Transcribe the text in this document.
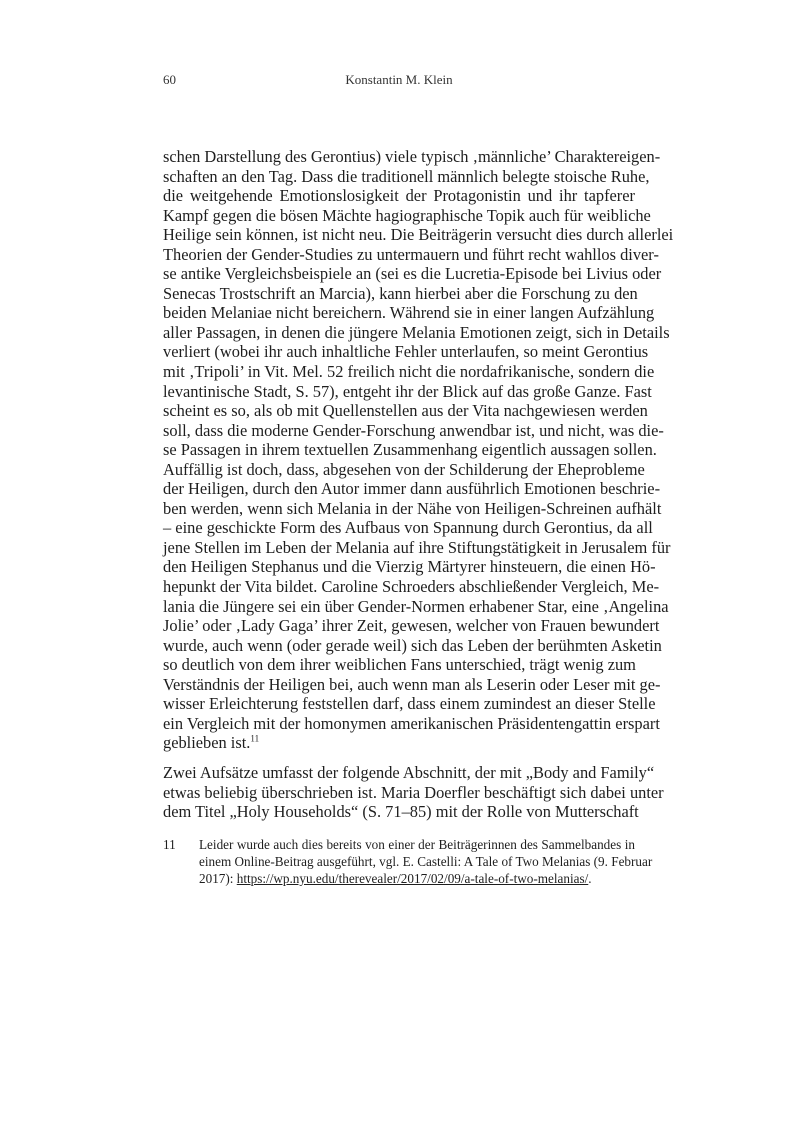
60	Konstantin M. Klein

schen Darstellung des Gerontius) viele typisch ‚männliche’ Charaktereigen-
schaften an den Tag. Dass die traditionell männlich belegte stoische Ruhe,
die weitgehende Emotionslosigkeit der Protagonistin und ihr tapferer
Kampf gegen die bösen Mächte hagiographische Topik auch für weibliche
Heilige sein können, ist nicht neu. Die Beiträgerin versucht dies durch allerlei
Theorien der Gender-Studies zu untermauern und führt recht wahllos diver-
se antike Vergleichsbeispiele an (sei es die Lucretia-Episode bei Livius oder
Senecas Trostschrift an Marcia), kann hierbei aber die Forschung zu den
beiden Melaniae nicht bereichern. Während sie in einer langen Aufzählung
aller Passagen, in denen die jüngere Melania Emotionen zeigt, sich in Details
verliert (wobei ihr auch inhaltliche Fehler unterlaufen, so meint Gerontius
mit ‚Tripoli’ in Vit. Mel. 52 freilich nicht die nordafrikanische, sondern die
levantinische Stadt, S. 57), entgeht ihr der Blick auf das große Ganze. Fast
scheint es so, als ob mit Quellenstellen aus der Vita nachgewiesen werden
soll, dass die moderne Gender-Forschung anwendbar ist, und nicht, was die-
se Passagen in ihrem textuellen Zusammenhang eigentlich aussagen sollen.
Auffällig ist doch, dass, abgesehen von der Schilderung der Eheprobleme
der Heiligen, durch den Autor immer dann ausführlich Emotionen beschrie-
ben werden, wenn sich Melania in der Nähe von Heiligen-Schreinen aufhält
– eine geschickte Form des Aufbaus von Spannung durch Gerontius, da all
jene Stellen im Leben der Melania auf ihre Stiftungstätigkeit in Jerusalem für
den Heiligen Stephanus und die Vierzig Märtyrer hinsteuern, die einen Hö-
hepunkt der Vita bildet. Caroline Schroeders abschließender Vergleich, Me-
lania die Jüngere sei ein über Gender-Normen erhabener Star, eine ‚Angelina
Jolie’ oder ‚Lady Gaga’ ihrer Zeit, gewesen, welcher von Frauen bewundert
wurde, auch wenn (oder gerade weil) sich das Leben der berühmten Asketin
so deutlich von dem ihrer weiblichen Fans unterschied, trägt wenig zum
Verständnis der Heiligen bei, auch wenn man als Leserin oder Leser mit ge-
wisser Erleichterung feststellen darf, dass einem zumindest an dieser Stelle
ein Vergleich mit der homonymen amerikanischen Präsidentengattin erspart
geblieben ist.$^{11}$

Zwei Aufsätze umfasst der folgende Abschnitt, der mit „Body and Family“
etwas beliebig überschrieben ist. Maria Doerfler beschäftigt sich dabei unter
dem Titel „Holy Households“ (S. 71–85) mit der Rolle von Mutterschaft

11 Leider wurde auch dies bereits von einer der Beiträgerinnen des Sammelbandes in
einem Online-Beitrag ausgeführt, vgl. E. Castelli: A Tale of Two Melanias (9. Februar
2017): https://wp.nyu.edu/therevealer/2017/02/09/a-tale-of-two-melanias/.
